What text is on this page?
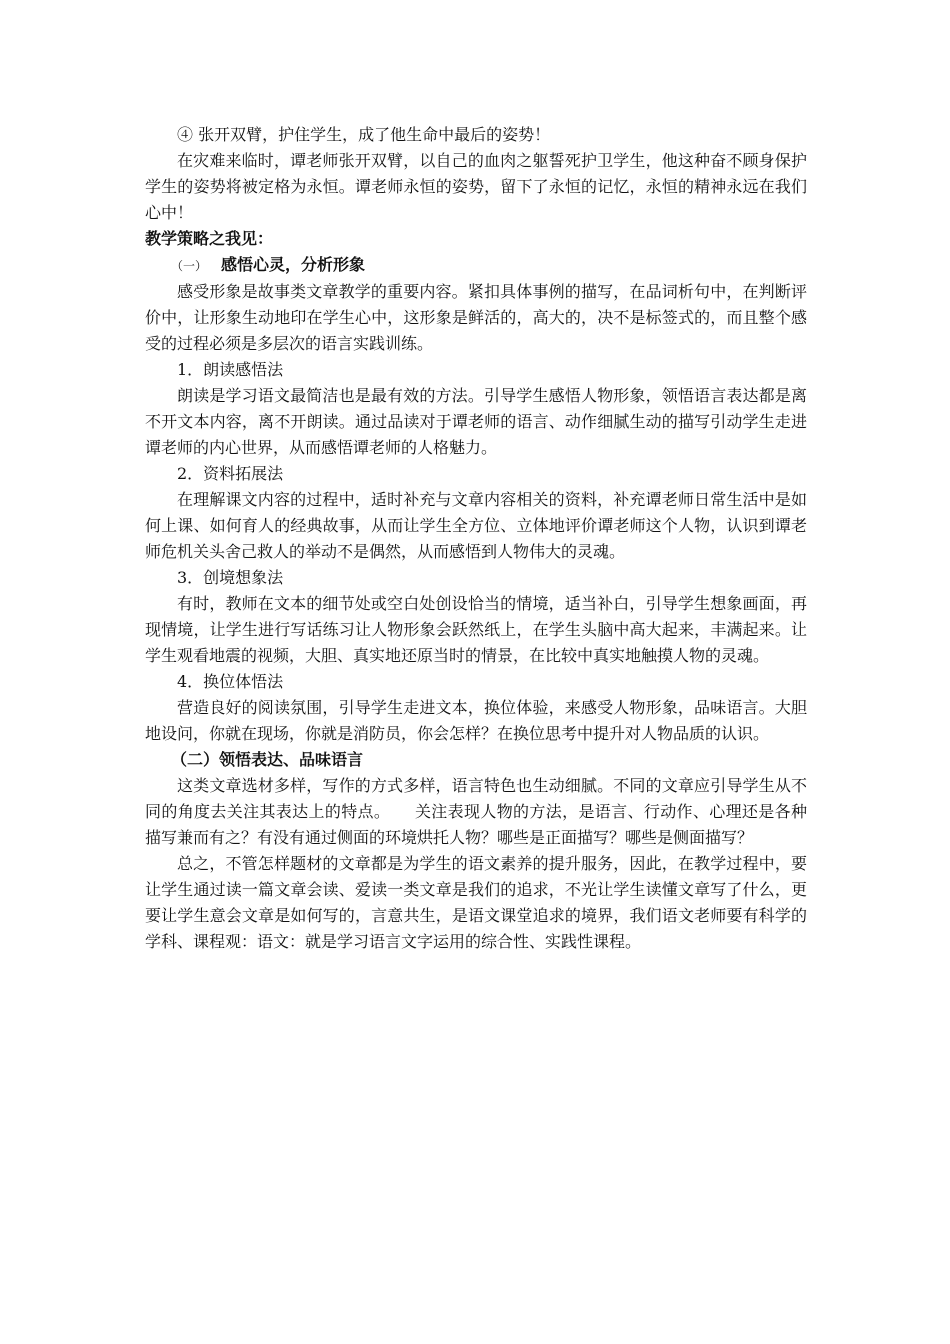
④ 张开双臂，护住学生，成了他生命中最后的姿势！

在灾难来临时，谭老师张开双臂，以自己的血肉之躯誓死护卫学生，他这种奋不顾身保护学生的姿势将被定格为永恒。谭老师永恒的姿势，留下了永恒的记忆，永恒的精神永远在我们心中！

教学策略之我见：

（一） 感悟心灵，分析形象

感受形象是故事类文章教学的重要内容。紧扣具体事例的描写，在品词析句中，在判断评价中，让形象生动地印在学生心中，这形象是鲜活的，高大的，决不是标签式的，而且整个感受的过程必须是多层次的语言实践训练。

1．朗读感悟法

朗读是学习语文最简洁也是最有效的方法。引导学生感悟人物形象，领悟语言表达都是离不开文本内容，离不开朗读。通过品读对于谭老师的语言、动作细腻生动的描写引动学生走进谭老师的内心世界，从而感悟谭老师的人格魅力。

2．资料拓展法

在理解课文内容的过程中，适时补充与文章内容相关的资料，补充谭老师日常生活中是如何上课、如何育人的经典故事，从而让学生全方位、立体地评价谭老师这个人物，认识到谭老师危机关头舍己救人的举动不是偶然，从而感悟到人物伟大的灵魂。

3．创境想象法

有时，教师在文本的细节处或空白处创设恰当的情境，适当补白，引导学生想象画面，再现情境，让学生进行写话练习让人物形象会跃然纸上，在学生头脑中高大起来，丰满起来。让学生观看地震的视频，大胆、真实地还原当时的情景，在比较中真实地触摸人物的灵魂。

4．换位体悟法

营造良好的阅读氛围，引导学生走进文本，换位体验，来感受人物形象，品味语言。大胆地设问，你就在现场，你就是消防员，你会怎样？在换位思考中提升对人物品质的认识。

（二）领悟表达、品味语言

这类文章选材多样，写作的方式多样，语言特色也生动细腻。不同的文章应引导学生从不同的角度去关注其表达上的特点。　　关注表现人物的方法，是语言、行动作、心理还是各种描写兼而有之？有没有通过侧面的环境烘托人物？哪些是正面描写？哪些是侧面描写？

总之，不管怎样题材的文章都是为学生的语文素养的提升服务，因此，在教学过程中，要让学生通过读一篇文章会读、爱读一类文章是我们的追求，不光让学生读懂文章写了什么，更要让学生意会文章是如何写的，言意共生，是语文课堂追求的境界，我们语文老师要有科学的学科、课程观：语文：就是学习语言文字运用的综合性、实践性课程。
